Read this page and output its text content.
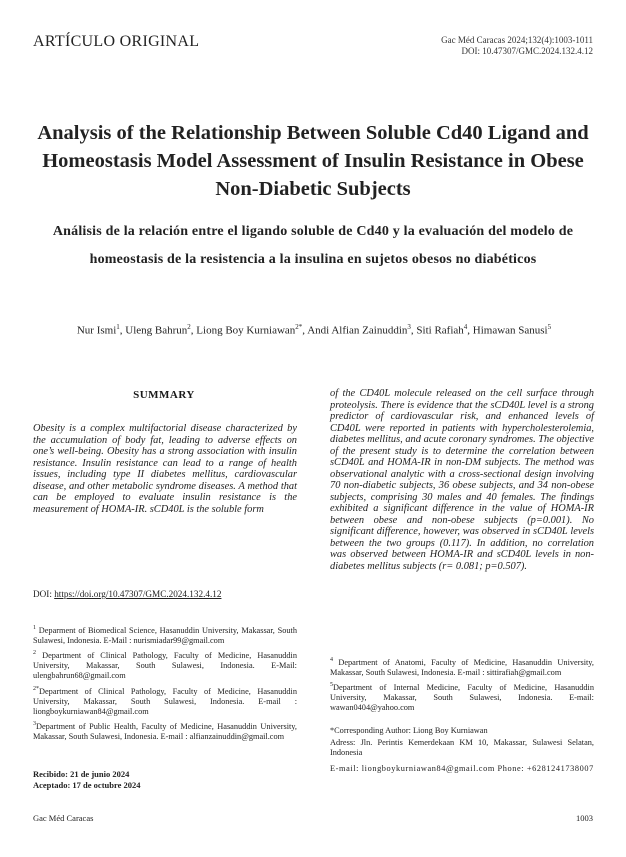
ARTÍCULO ORIGINAL	Gac Méd Caracas 2024;132(4):1003-1011
DOI: 10.47307/GMC.2024.132.4.12
Analysis of the Relationship Between Soluble Cd40 Ligand and Homeostasis Model Assessment of Insulin Resistance in Obese Non-Diabetic Subjects
Análisis de la relación entre el ligando soluble de Cd40 y la evaluación del modelo de homeostasis de la resistencia a la insulina en sujetos obesos no diabéticos
Nur Ismi$^1$, Uleng Bahrun$^2$, Liong Boy Kurniawan$^{2*}$, Andi Alfian Zainuddin$^3$, Siti Rafiah$^4$, Himawan Sanusi$^5$
SUMMARY

Obesity is a complex multifactorial disease characterized by the accumulation of body fat, leading to adverse effects on one’s well-being. Obesity has a strong association with insulin resistance. Insulin resistance can lead to a range of health issues, including type II diabetes mellitus, cardiovascular disease, and other metabolic syndrome diseases. A method that can be employed to evaluate insulin resistance is the measurement of HOMA-IR. sCD40L is the soluble form

of the CD40L molecule released on the cell surface through proteolysis. There is evidence that the sCD40L level is a strong predictor of cardiovascular risk, and enhanced levels of CD40L were reported in patients with hypercholesterolemia, diabetes mellitus, and acute coronary syndromes. The objective of the present study is to determine the correlation between sCD40L and HOMA-IR in non-DM subjects. The method was observational analytic with a cross-sectional design involving 70 non-diabetic subjects, 36 obese subjects, and 34 non-obese subjects, comprising 30 males and 40 females. The findings exhibited a significant difference in the value of HOMA-IR between obese and non-obese subjects (p=0.001). No significant difference, however, was observed in sCD40L levels between the two groups (0.117). In addition, no correlation was observed between HOMA-IR and sCD40L levels in non-diabetes mellitus subjects (r= 0.081; p=0.507).

DOI: https://doi.org/10.47307/GMC.2024.132.4.12
$^1$ Deparment of Biomedical Science, Hasanuddin University, Makassar, South Sulawesi, Indonesia. E-Mail : nurismiadar99@gmail.com
$^2$ Department of Clinical Pathology, Faculty of Medicine, Hasanuddin University, Makassar, South Sulawesi, Indonesia. E-Mail: ulengbahrun68@gmail.com
$^{2*}$Department of Clinical Pathology, Faculty of Medicine, Hasanuddin University, Makassar, South Sulawesi, Indonesia. E-mail : liongboykurniawan84@gmail.com
$^3$Department of Public Health, Faculty of Medicine, Hasanuddin University, Makassar, South Sulawesi, Indonesia. E-mail : alfianzainuddin@gmail.com
$^4$ Department of Anatomi, Faculty of Medicine, Hasanuddin University, Makassar, South Sulawesi, Indonesia. E-mail : sittirafiah@gmail.com
$^5$Department of Internal Medicine, Faculty of Medicine, Hasanuddin University, Makassar, South Sulawesi, Indonesia. E-mail: wawan0404@yahoo.com
*Corresponding Author: Liong Boy Kurniawan
Adress: Jln. Perintis Kemerdekaan KM 10, Makassar, Sulawesi Selatan, Indonesia
E-mail: liongboykurniawan84@gmail.com Phone: +6281241738007
Recibido: 21 de junio 2024
Aceptado: 17 de octubre 2024
Gac Méd Caracas	1003
